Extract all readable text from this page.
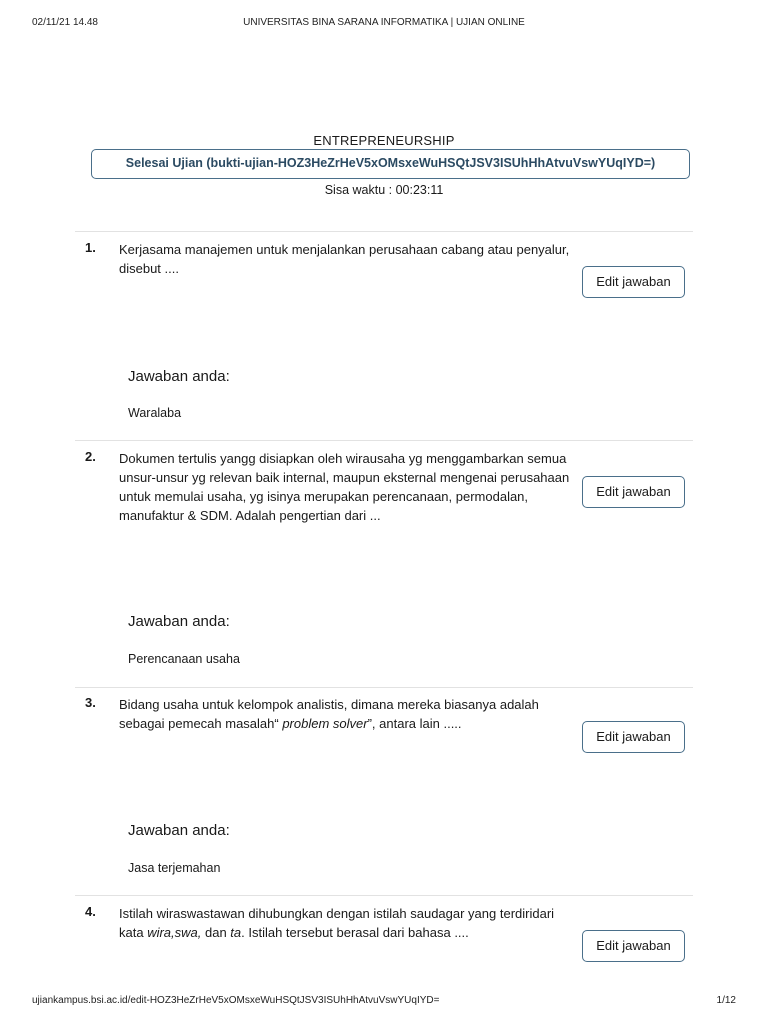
02/11/21 14.48	UNIVERSITAS BINA SARANA INFORMATIKA | UJIAN ONLINE
ENTREPRENEURSHIP
Selesai Ujian (bukti-ujian-HOZ3HeZrHeV5xOMsxeWuHSQtJSV3ISUhHhAtvuVswYUqIYD=)
Sisa waktu : 00:23:11
1. Kerjasama manajemen untuk menjalankan perusahaan cabang atau penyalur, disebut ....
Edit jawaban
Jawaban anda:
Waralaba
2. Dokumen tertulis yangg disiapkan oleh wirausaha yg menggambarkan semua unsur-unsur yg relevan baik internal, maupun eksternal mengenai perusahaan untuk memulai usaha, yg isinya merupakan perencanaan, permodalan, manufaktur & SDM. Adalah pengertian dari ...
Edit jawaban
Jawaban anda:
Perencanaan usaha
3. Bidang usaha untuk kelompok analistis, dimana mereka biasanya adalah sebagai pemecah masalah“ problem solver”, antara lain .....
Edit jawaban
Jawaban anda:
Jasa terjemahan
4. Istilah wiraswastawan dihubungkan dengan istilah saudagar yang terdiridari kata wira,swa, dan ta. Istilah tersebut berasal dari bahasa ....
Edit jawaban
ujiankampus.bsi.ac.id/edit-HOZ3HeZrHeV5xOMsxeWuHSQtJSV3ISUhHhAtvuVswYUqIYD=	1/12
